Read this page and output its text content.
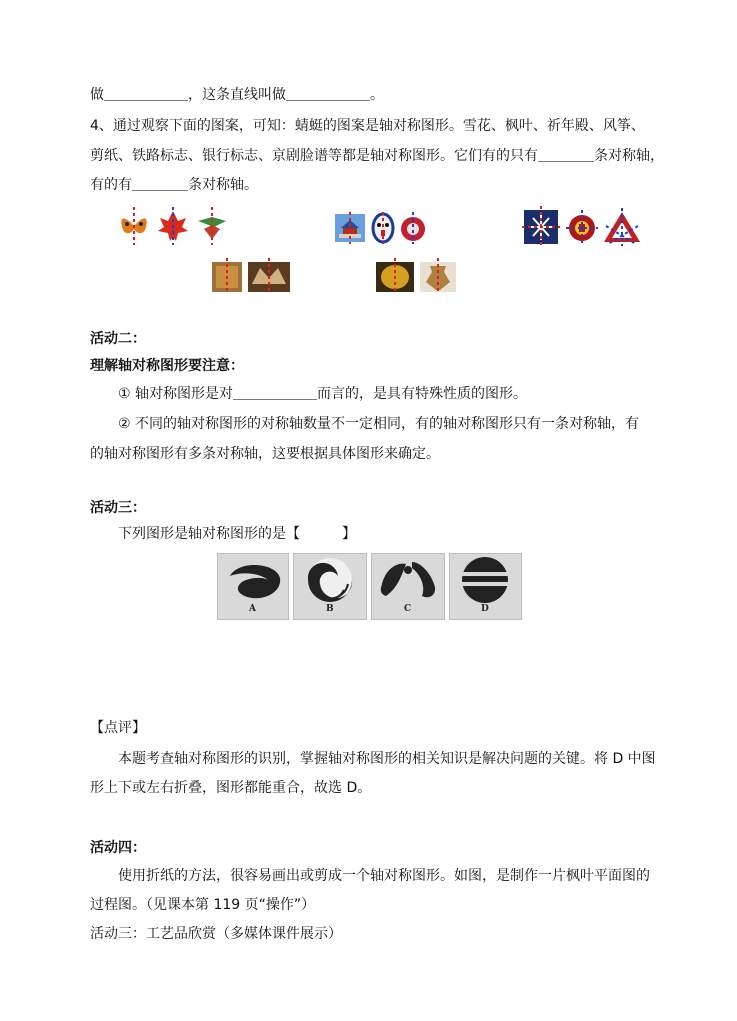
做＿＿＿＿＿＿，这条直线叫做＿＿＿＿＿＿。
4、通过观察下面的图案，可知：蜻蜓的图案是轴对称图形。雪花、枫叶、祈年殿、风筝、
剪纸、铁路标志、银行标志、京剧脸谱等都是轴对称图形。它们有的只有＿＿＿＿条对称轴，
有的有＿＿＿＿条对称轴。
活动二：
理解轴对称图形要注意：
① 轴对称图形是对＿＿＿＿＿＿而言的，是具有特殊性质的图形。
② 不同的轴对称图形的对称轴数量不一定相同，有的轴对称图形只有一条对称轴，有
的轴对称图形有多条对称轴，这要根据具体图形来确定。
活动三：
下列图形是轴对称图形的是【　　　】
A	B	C	D
【点评】
本题考查轴对称图形的识别，掌握轴对称图形的相关知识是解决问题的关键。将 D 中图
形上下或左右折叠，图形都能重合，故选 D。
活动四：
使用折纸的方法，很容易画出或剪成一个轴对称图形。如图，是制作一片枫叶平面图的
过程图。（见课本第 119 页“操作”）
活动三：工艺品欣赏（多媒体课件展示）
